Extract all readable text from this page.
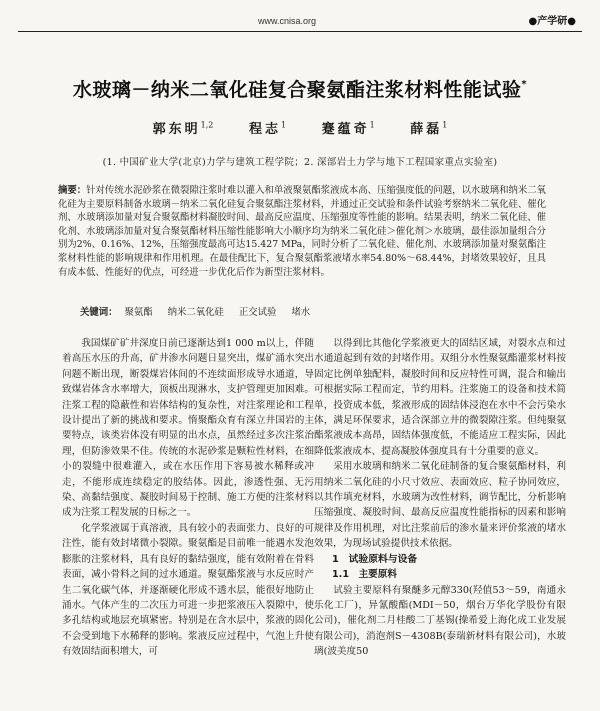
www.cnisa.org	●产学研●
水玻璃－纳米二氧化硅复合聚氨酯注浆材料性能试验*
郭东明$^{1,2}$	程志$^1$	蹇蕴奇$^1$	薛磊$^1$
(1. 中国矿业大学(北京)力学与建筑工程学院；2. 深部岩土力学与地下工程国家重点实验室)
摘要：针对传统水泥砂浆在微裂隙注浆时难以灌入和单液聚氨酯浆液成本高、压缩强度低的问题，以水玻璃和纳米二氧化硅为主要原料制备水玻璃－纳米二氧化硅复合聚氨酯注浆材料，并通过正交试验和条件试验考察纳米二氧化硅、催化剂、水玻璃添加量对复合聚氨酯材料凝胶时间、最高反应温度、压缩强度等性能的影响。结果表明，纳米二氧化硅、催化剂、水玻璃添加量对复合聚氨酯材料压缩性能影响大小顺序均为纳米二氧化硅＞催化剂＞水玻璃，最佳添加量组合分别为2%、0.16%、12%，压缩强度最高可达15.427 MPa，同时分析了二氧化硅、催化剂、水玻璃添加量对聚氨酯注浆材料性能的影响规律和作用机理。在最佳配比下，复合聚氨酯浆液堵水率54.80%～68.44%，封堵效果较好，且具有成本低、性能好的优点，可经进一步优化后作为新型注浆材料。
关键词： 聚氨酯 纳米二氧化硅 正交试验 堵水

我国煤矿矿井深度日前已逐渐达到1 000 m以上，伴随着高压水压的升高，矿井渗水问题日显突出，煤矿涌水突出问题不断出现，断裂煤岩体间的不连续面形成导水通道，导致煤岩体含水率增大，顶板出现淋水，支护管理更加困难。注浆工程的隐蔽性和岩体结构的复杂性，对注浆理论和工程设计提出了新的挑战和要求。惰聚酯众育有深立井国岩的主要特点，该类岩体没有明显的出水点，虽然经过多次注浆治理，但防渗效果不佳。传统的水泥砂浆是颗粒性材料，在细小的裂缝中很难灌入，或在水压作用下容易被水稀释或冲走，不能形成连续稳定的胶结体。因此，渗透性强、无污染、高黏结强度、凝胶时间易于控制、施工方便的注浆材料成为注浆工程发展的日标之一。

化学浆液属于真溶液，具有较小的表面张力、良好的可注性，能有效封堵微小裂隙。聚氨酯是目前唯一能遇水发泡膨胀的注浆材料，具有良好的黏结强度，能有效附着在骨料表面，减小骨料之间的过水通道。聚氨酯浆液与水反应时产生二氧化碳气体，并逐渐硬化形成不透水层，能很好地防止涌水。气体产生的二次压力可进一步把浆液压入裂隙中，使多孔结构或地层充填紧密。特别是在含水层中，浆液的固化不会受到地下水稀释的影响。浆液反应过程中，气泡上升使有效固结面积增大，可

以得到比其他化学浆液更大的固结区域，对裂水点和过水通道起到有效的封堵作用。双组分水性聚氨酯灌浆材料按固定比例单独配料，凝胶时间和反应特性可调，混合和输出可根据实际工程而定，节约用料。注浆施工的设备和技术简单，投资成本低，浆液形成的固结体浸泡在水中不会污染水体，满足环保要求，适合深部立井的微裂隙注浆。但纯聚氨酯浆液成本高昂，固结体强度低，不能适应工程实际，因此降低浆液成本、提高凝胶体强度具有十分重要的意义。

采用水玻璃和纳米二氧化硅制备的复合聚氨酯材料，利用纳米二氧化硅的小尺寸效应、表面效应、粒子协同效应，以其作填充材料，水玻璃为改性材料，调节配比，分析影响压缩强度、凝胶时间、最高反应温度性能指标的因素和影响规律及作用机理，对比注浆前后的渗水量来评价浆液的堵水效果，为现场试验提供技术依据。

1　试验原料与设备
1.1　主要原料

试验主要原料有聚醚多元醇330(羟值53～59，南通永乐化工厂)，异氰酸酯(MDI－50，烟台万华化学股份有限公司)，催化剂二月桂酸二丁基锡(操希爱上海化成工业发展有限公司)，消泡剂S－4308B(泰瑞新材料有限公司)，水玻璃(波美度50
